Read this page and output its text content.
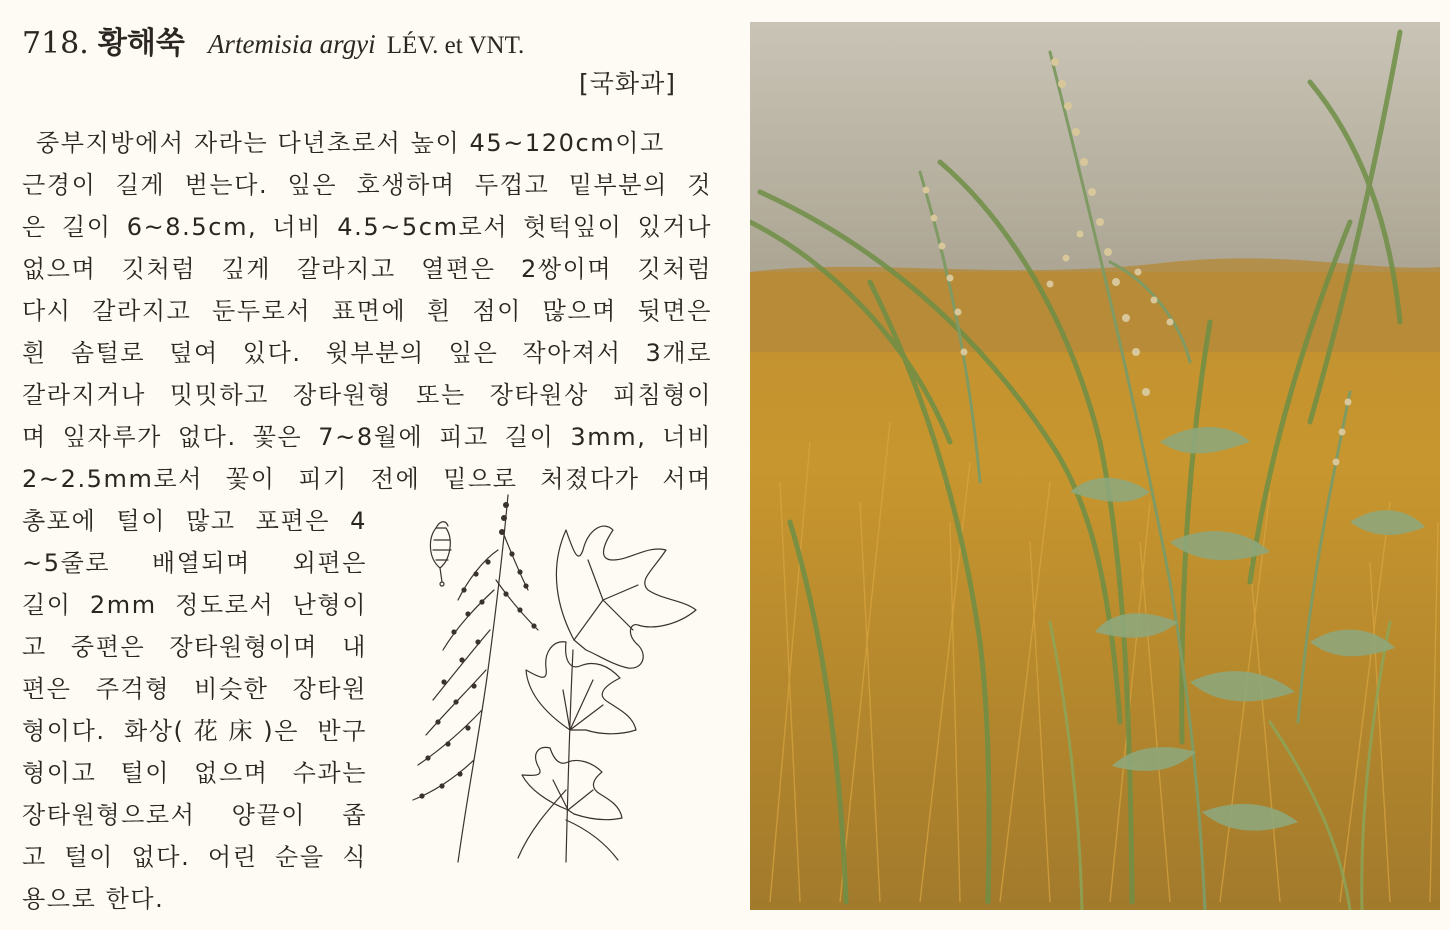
718. 황해쑥 Artemisia argyi LÉV. et VNT.
[국화과]
중부지방에서 자라는 다년초로서 높이 45~120cm이고
근경이 길게 벋는다. 잎은 호생하며 두껍고 밑부분의 것
은 길이 6~8.5cm, 너비 4.5~5cm로서 헛턱잎이 있거나
없으며 깃처럼 깊게 갈라지고 열편은 2쌍이며 깃처럼
다시 갈라지고 둔두로서 표면에 흰 점이 많으며 뒷면은
흰 솜털로 덮여 있다. 윗부분의 잎은 작아져서 3개로
갈라지거나 밋밋하고 장타원형 또는 장타원상 피침형이
며 잎자루가 없다. 꽃은 7~8월에 피고 길이 3mm, 너비
2~2.5mm로서 꽃이 피기 전에 밑으로 처졌다가 서며
총포에 털이 많고 포편은 4
~5줄로 배열되며 외편은
길이 2mm 정도로서 난형이
고 중편은 장타원형이며 내
편은 주걱형 비슷한 장타원
형이다. 화상(花床)은 반구
형이고 털이 없으며 수과는
장타원형으로서 양끝이 좁
고 털이 없다. 어린 순을 식
용으로 한다.
